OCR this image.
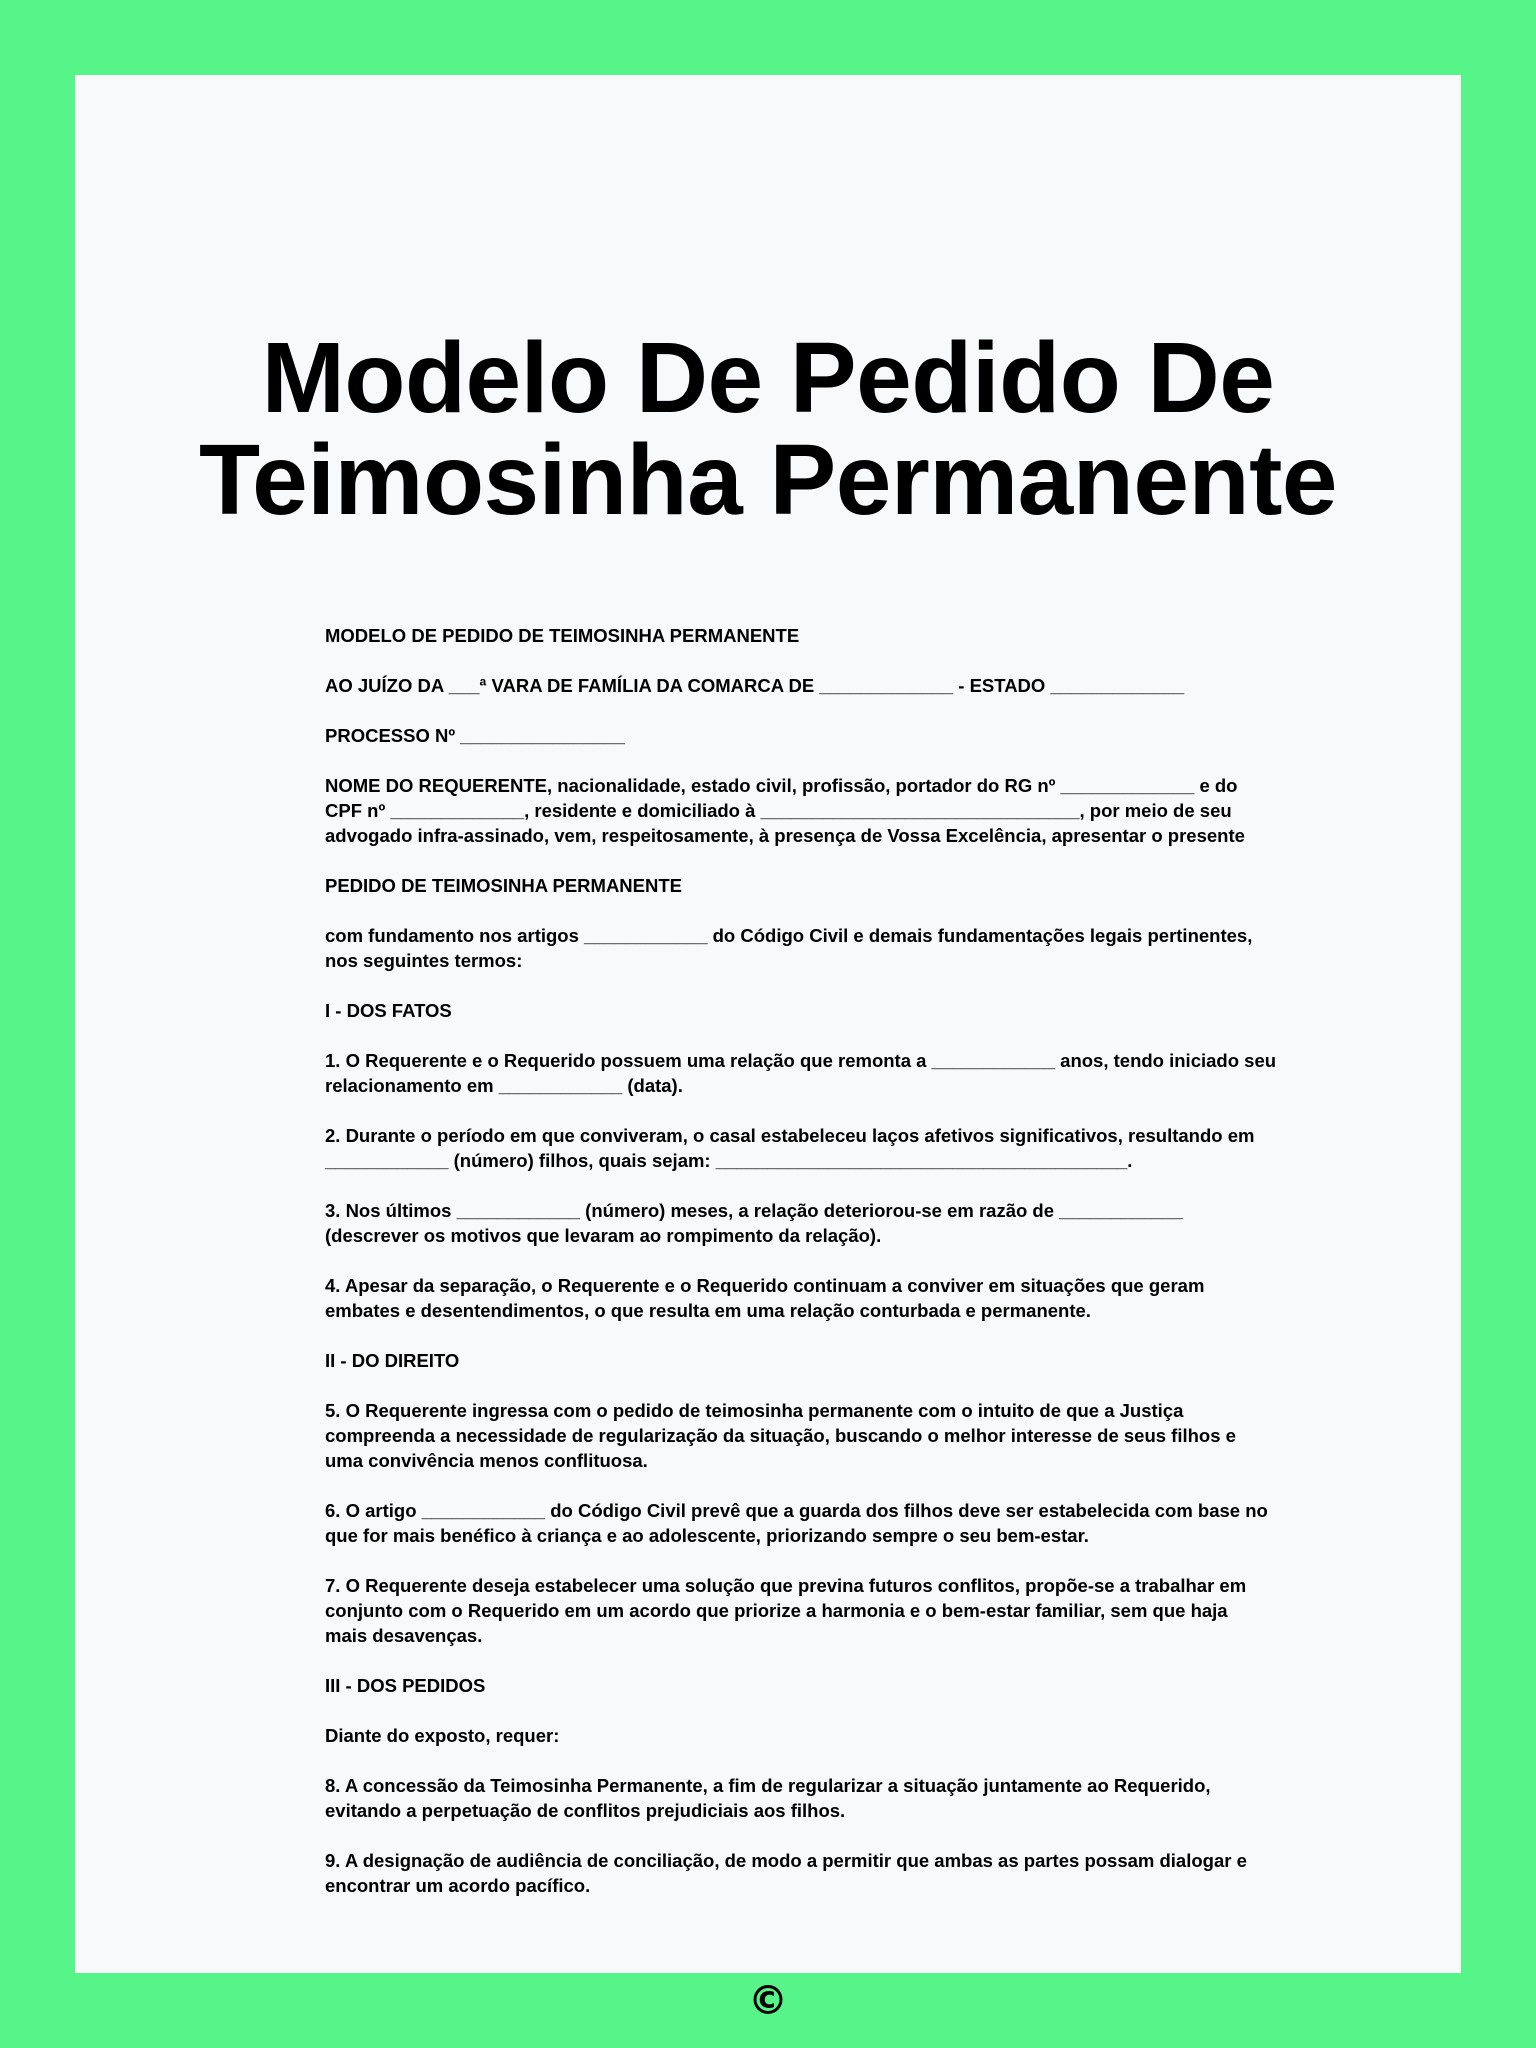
Modelo De Pedido De
Teimosinha Permanente

MODELO DE PEDIDO DE TEIMOSINHA PERMANENTE

AO JUÍZO DA ___ª VARA DE FAMÍLIA DA COMARCA DE _____________ - ESTADO _____________

PROCESSO Nº ________________

NOME DO REQUERENTE, nacionalidade, estado civil, profissão, portador do RG nº _____________ e do
CPF nº _____________, residente e domiciliado à _______________________________, por meio de seu
advogado infra-assinado, vem, respeitosamente, à presença de Vossa Excelência, apresentar o presente

PEDIDO DE TEIMOSINHA PERMANENTE

com fundamento nos artigos ____________ do Código Civil e demais fundamentações legais pertinentes,
nos seguintes termos:

I - DOS FATOS

1. O Requerente e o Requerido possuem uma relação que remonta a ____________ anos, tendo iniciado seu
relacionamento em ____________ (data).

2. Durante o período em que conviveram, o casal estabeleceu laços afetivos significativos, resultando em
____________ (número) filhos, quais sejam: ________________________________________.

3. Nos últimos ____________ (número) meses, a relação deteriorou-se em razão de ____________
(descrever os motivos que levaram ao rompimento da relação).

4. Apesar da separação, o Requerente e o Requerido continuam a conviver em situações que geram
embates e desentendimentos, o que resulta em uma relação conturbada e permanente.

II - DO DIREITO

5. O Requerente ingressa com o pedido de teimosinha permanente com o intuito de que a Justiça
compreenda a necessidade de regularização da situação, buscando o melhor interesse de seus filhos e
uma convivência menos conflituosa.

6. O artigo ____________ do Código Civil prevê que a guarda dos filhos deve ser estabelecida com base no
que for mais benéfico à criança e ao adolescente, priorizando sempre o seu bem-estar.

7. O Requerente deseja estabelecer uma solução que previna futuros conflitos, propõe-se a trabalhar em
conjunto com o Requerido em um acordo que priorize a harmonia e o bem-estar familiar, sem que haja
mais desavenças.

III - DOS PEDIDOS

Diante do exposto, requer:

8. A concessão da Teimosinha Permanente, a fim de regularizar a situação juntamente ao Requerido,
evitando a perpetuação de conflitos prejudiciais aos filhos.

9. A designação de audiência de conciliação, de modo a permitir que ambas as partes possam dialogar e
encontrar um acordo pacífico.

©
